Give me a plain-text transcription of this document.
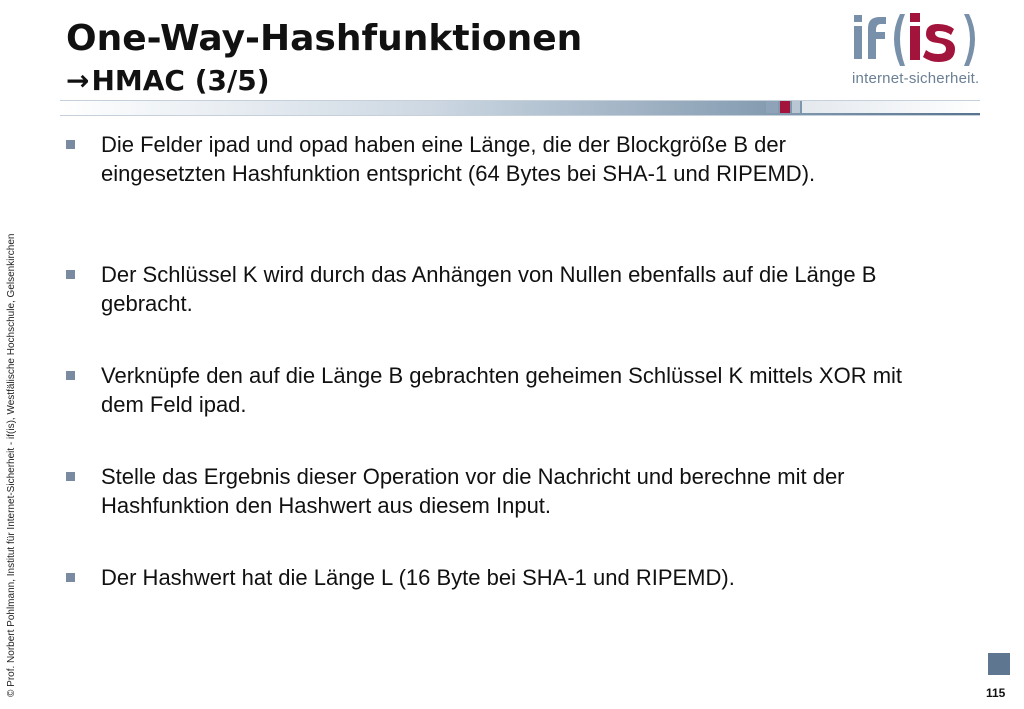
One-Way-Hashfunktionen
→HMAC (3/5)	internet-sicherheit.
Die Felder ipad und opad haben eine Länge, die der Blockgröße B der eingesetzten Hashfunktion entspricht (64 Bytes bei SHA-1 und RIPEMD).
Der Schlüssel K wird durch das Anhängen von Nullen ebenfalls auf die Länge B gebracht.
Verknüpfe den auf die Länge B gebrachten geheimen Schlüssel K mittels XOR mit dem Feld ipad.
Stelle das Ergebnis dieser Operation vor die Nachricht und berechne mit der Hashfunktion den Hashwert aus diesem Input.
Der Hashwert hat die Länge L (16 Byte bei SHA-1 und RIPEMD).
© Prof. Norbert Pohlmann, Institut für Internet-Sicherheit - if(is), Westfälische Hochschule, Gelsenkirchen	115
